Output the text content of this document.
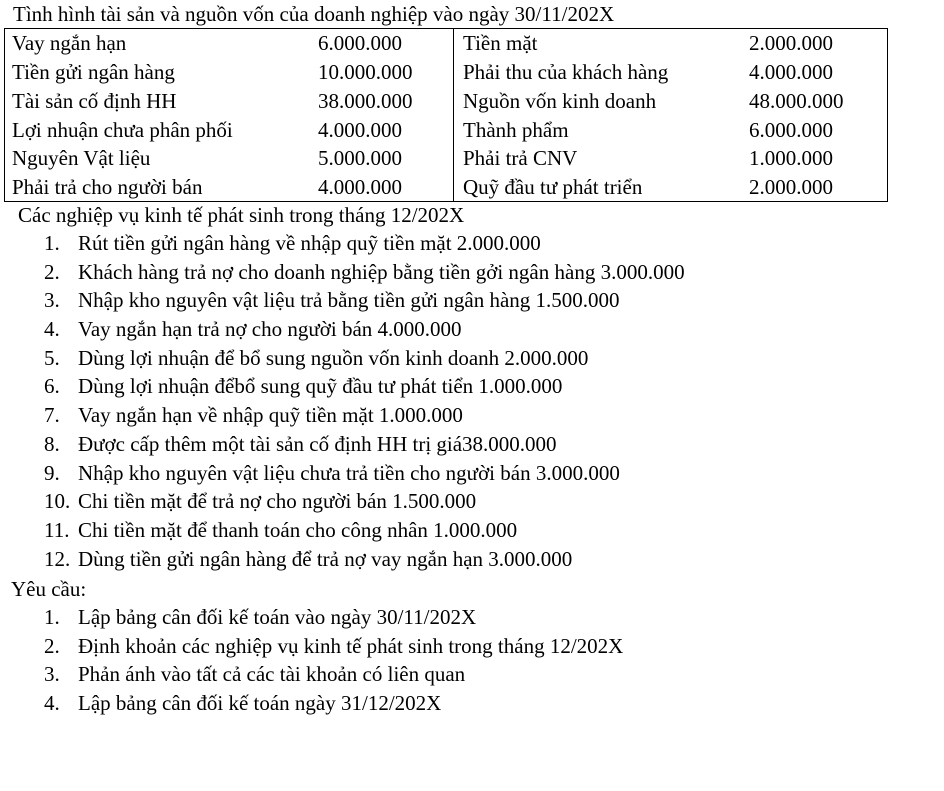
Tình hình tài sản và nguồn vốn của doanh nghiệp vào ngày 30/11/202X
Vay ngắn hạn	6.000.000	Tiền mặt	2.000.000
Tiền gửi ngân hàng	10.000.000 Phải thu của khách hàng	4.000.000
Tài sản cố định HH	38.000.000 Nguồn vốn kinh doanh	48.000.000
Lợi nhuận chưa phân phối	4.000.000	Thành phẩm	6.000.000
Nguyên Vật liệu	5.000.000	Phải trả CNV	1.000.000
Phải trả cho người bán	4.000.000	Quỹ đầu tư phát triển	2.000.000
Các nghiệp vụ kinh tế phát sinh trong tháng 12/202X
1. Rút tiền gửi ngân hàng về nhập quỹ tiền mặt 2.000.000
2. Khách hàng trả nợ cho doanh nghiệp bằng tiền gởi ngân hàng 3.000.000
3. Nhập kho nguyên vật liệu trả bằng tiền gửi ngân hàng 1.500.000
4. Vay ngắn hạn trả nợ cho người bán 4.000.000
5. Dùng lợi nhuận để bổ sung nguồn vốn kinh doanh 2.000.000
6. Dùng lợi nhuận đểbổ sung quỹ đầu tư phát tiển 1.000.000
7. Vay ngắn hạn về nhập quỹ tiền mặt 1.000.000
8. Được cấp thêm một tài sản cố định HH trị giá38.000.000
9. Nhập kho nguyên vật liệu chưa trả tiền cho người bán 3.000.000
10. Chi tiền mặt để trả nợ cho người bán 1.500.000
11. Chi tiền mặt để thanh toán cho công nhân 1.000.000
12. Dùng tiền gửi ngân hàng để trả nợ vay ngắn hạn 3.000.000
Yêu cầu:
1. Lập bảng cân đối kế toán vào ngày 30/11/202X
2. Định khoản các nghiệp vụ kinh tế phát sinh trong tháng 12/202X
3. Phản ánh vào tất cả các tài khoản có liên quan
4. Lập bảng cân đối kế toán ngày 31/12/202X
